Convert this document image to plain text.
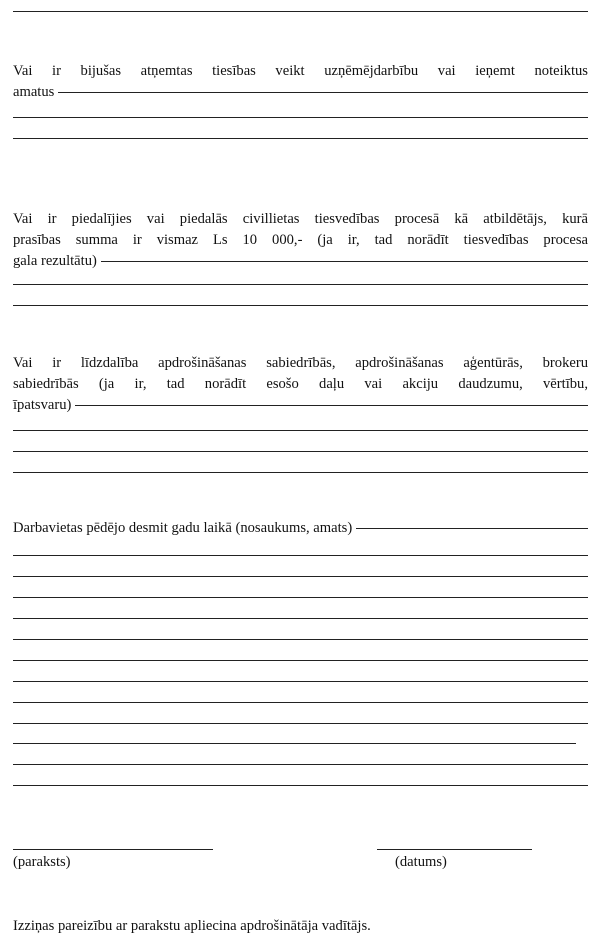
Vai ir bijušas atņemtas tiesības veikt uzņēmējdarbību vai ieņemt noteiktus
amatus
Vai ir piedalījies vai piedalās civillietas tiesvedības procesā kā atbildētājs, kurā
prasības summa ir vismaz Ls 10 000,- (ja ir, tad norādīt tiesvedības procesa
gala rezultātu)
Vai ir līdzdalība apdrošināšanas sabiedrībās, apdrošināšanas aģentūrās, brokeru
sabiedrībās (ja ir, tad norādīt esošo daļu vai akciju daudzumu, vērtību,
īpatsvaru)
Darbavietas pēdējo desmit gadu laikā (nosaukums, amats)
(paraksts)	(datums)
Izziņas pareizību ar parakstu apliecina apdrošinātāja vadītājs.
